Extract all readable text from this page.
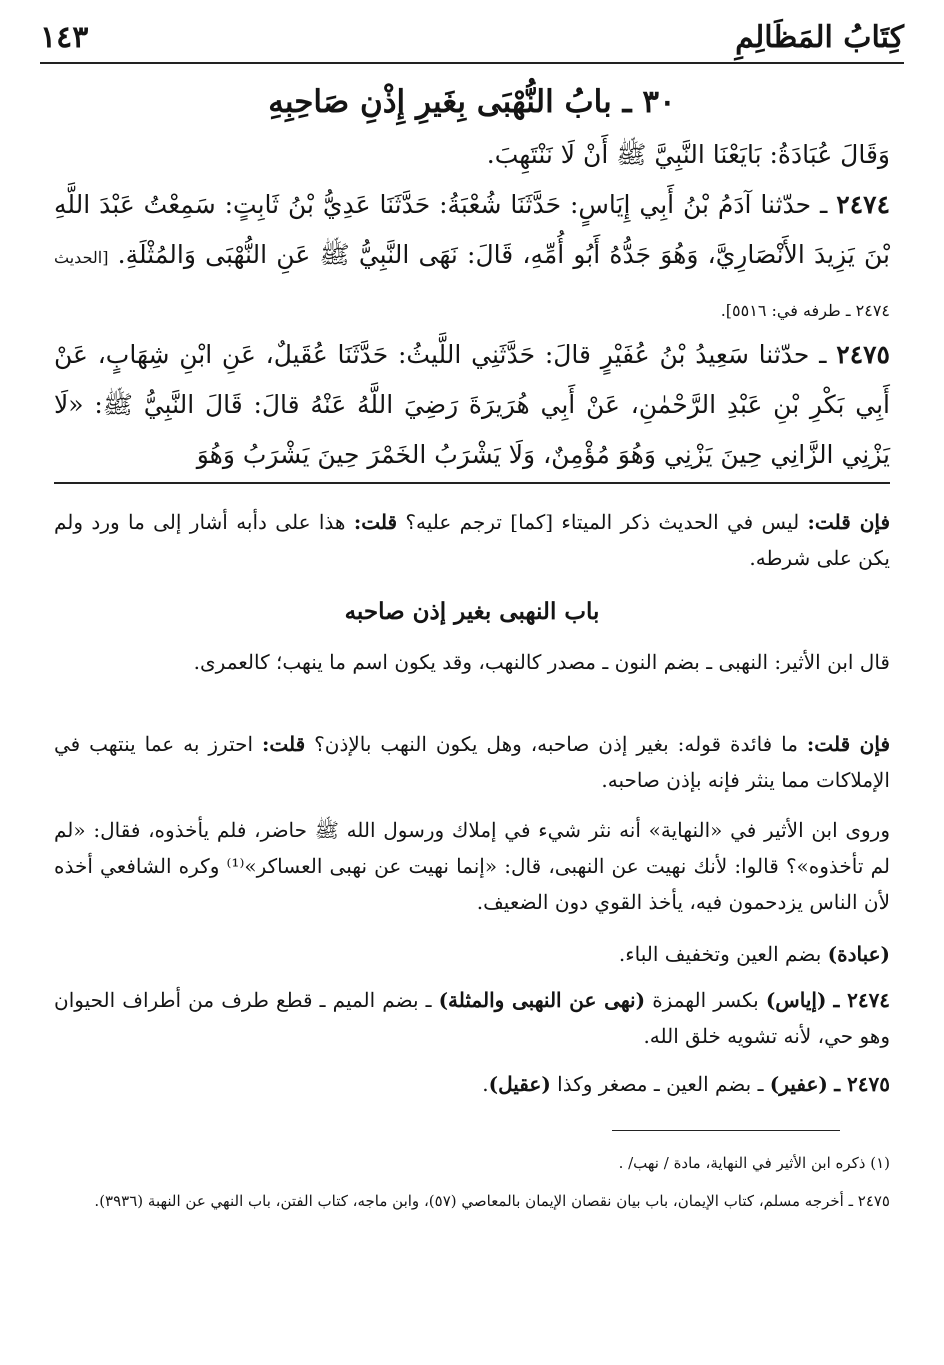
كِتَابُ المَظَالِمِ
١٤٣
٣٠ ـ بابُ النُّهْبَى بِغَيرِ إِذْنِ صَاحِبِهِ
وَقَالَ عُبَادَةُ: بَايَعْنَا النَّبِيَّ ﷺ أَنْ لَا نَنْتَهِبَ.
٢٤٧٤ ـ حدّثنا آدَمُ بْنُ أَبِي إِيَاسٍ: حَدَّثَنَا شُعْبَةُ: حَدَّثَنَا عَدِيُّ بْنُ ثَابِتٍ: سَمِعْتُ عَبْدَ اللَّهِ بْنَ يَزِيدَ الأَنْصَارِيَّ، وَهُوَ جَدُّهُ أَبُو أُمِّهِ، قَالَ: نَهَى النَّبِيُّ ﷺ عَنِ النُّهْبَى وَالمُثْلَةِ. [الحديث ٢٤٧٤ ـ طرفه في: ٥٥١٦].
٢٤٧٥ ـ حدّثنا سَعِيدُ بْنُ عُفَيْرٍ قالَ: حَدَّثَنِي اللَّيثُ: حَدَّثَنَا عُقَيلٌ، عَنِ ابْنِ شِهَابٍ، عَنْ أَبِي بَكْرِ بْنِ عَبْدِ الرَّحْمٰنِ، عَنْ أَبِي هُرَيرَةَ رَضِيَ اللَّهُ عَنْهُ قالَ: قَالَ النَّبِيُّ ﷺ: «لَا يَزْنِي الزَّانِي حِينَ يَزْنِي وَهُوَ مُؤْمِنٌ، وَلَا يَشْرَبُ الخَمْرَ حِينَ يَشْرَبُ وَهُوَ
فإن قلت: ليس في الحديث ذكر الميتاء [كما] ترجم عليه؟ قلت: هذا على دأبه أشار إلى ما ورد ولم يكن على شرطه.
باب النهبى بغير إذن صاحبه
قال ابن الأثير: النهبى ـ بضم النون ـ مصدر كالنهب، وقد يكون اسم ما ينهب؛ كالعمرى.
فإن قلت: ما فائدة قوله: بغير إذن صاحبه، وهل يكون النهب بالإذن؟ قلت: احترز به عما ينتهب في الإملاكات مما ينثر فإنه بإذن صاحبه.
وروى ابن الأثير في «النهاية» أنه نثر شيء في إملاك ورسول الله ﷺ حاضر، فلم يأخذوه، فقال: «لم لم تأخذوه»؟ قالوا: لأنك نهيت عن النهبى، قال: «إنما نهيت عن نهبى العساكر»⁽¹⁾ وكره الشافعي أخذه لأن الناس يزدحمون فيه، يأخذ القوي دون الضعيف.
(عبادة) بضم العين وتخفيف الباء.
٢٤٧٤ ـ (إياس) بكسر الهمزة (نهى عن النهبى والمثلة) ـ بضم الميم ـ قطع طرف من أطراف الحيوان وهو حي، لأنه تشويه خلق الله.
٢٤٧٥ ـ (عفير) ـ بضم العين ـ مصغر وكذا (عقيل).
(١) ذكره ابن الأثير في النهاية، مادة / نهب/ .
٢٤٧٥ ـ أخرجه مسلم، كتاب الإيمان، باب بيان نقصان الإيمان بالمعاصي (٥٧)، وابن ماجه، كتاب الفتن، باب النهي عن النهبة (٣٩٣٦).
